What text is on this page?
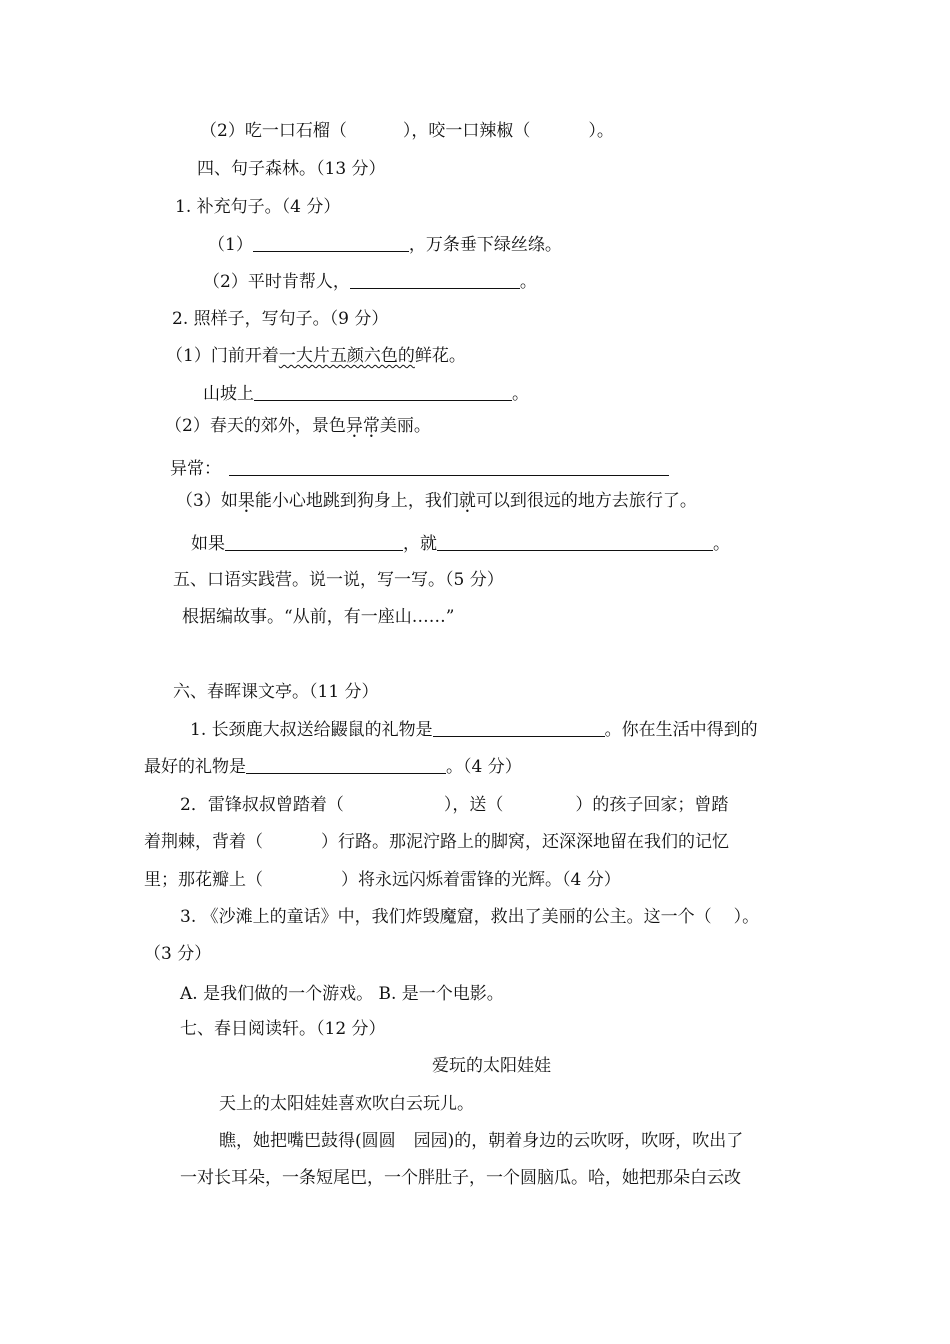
（2）吃一口石榴（	），咬一口辣椒（	）。
四、句子森林。（13 分）
1. 补充句子。（4 分）
（1）	，万条垂下绿丝绦。
（2）平时肯帮人，	。
2. 照样子，写句子。（9 分）
（1）门前开着一大片五颜六色的鲜花。
山坡上	。
（2）春天的郊外，景色异常美丽。
异常：
（3）如果能小心地跳到狗身上，我们就可以到很远的地方去旅行了。
如果	，就	。
五、口语实践营。说一说，写一写。（5 分）
根据编故事。“从前，有一座山……”
六、春晖课文亭。（11 分）
1. 长颈鹿大叔送给鼹鼠的礼物是	。你在生活中得到的
最好的礼物是	。（4 分）
2．雷锋叔叔曾踏着（	），送（	）的孩子回家；曾踏
着荆棘，背着（	）行路。那泥泞路上的脚窝，还深深地留在我们的记忆
里；那花瓣上（	）将永远闪烁着雷锋的光辉。（4 分）
3. 《沙滩上的童话》中，我们炸毁魔窟，救出了美丽的公主。这一个（ ）。
（3 分）
A. 是我们做的一个游戏。 B. 是一个电影。
七、春日阅读轩。（12 分）
爱玩的太阳娃娃
天上的太阳娃娃喜欢吹白云玩儿。
瞧，她把嘴巴鼓得(圆圆 园园)的，朝着身边的云吹呀，吹呀，吹出了
一对长耳朵，一条短尾巴，一个胖肚子，一个圆脑瓜。哈，她把那朵白云改
